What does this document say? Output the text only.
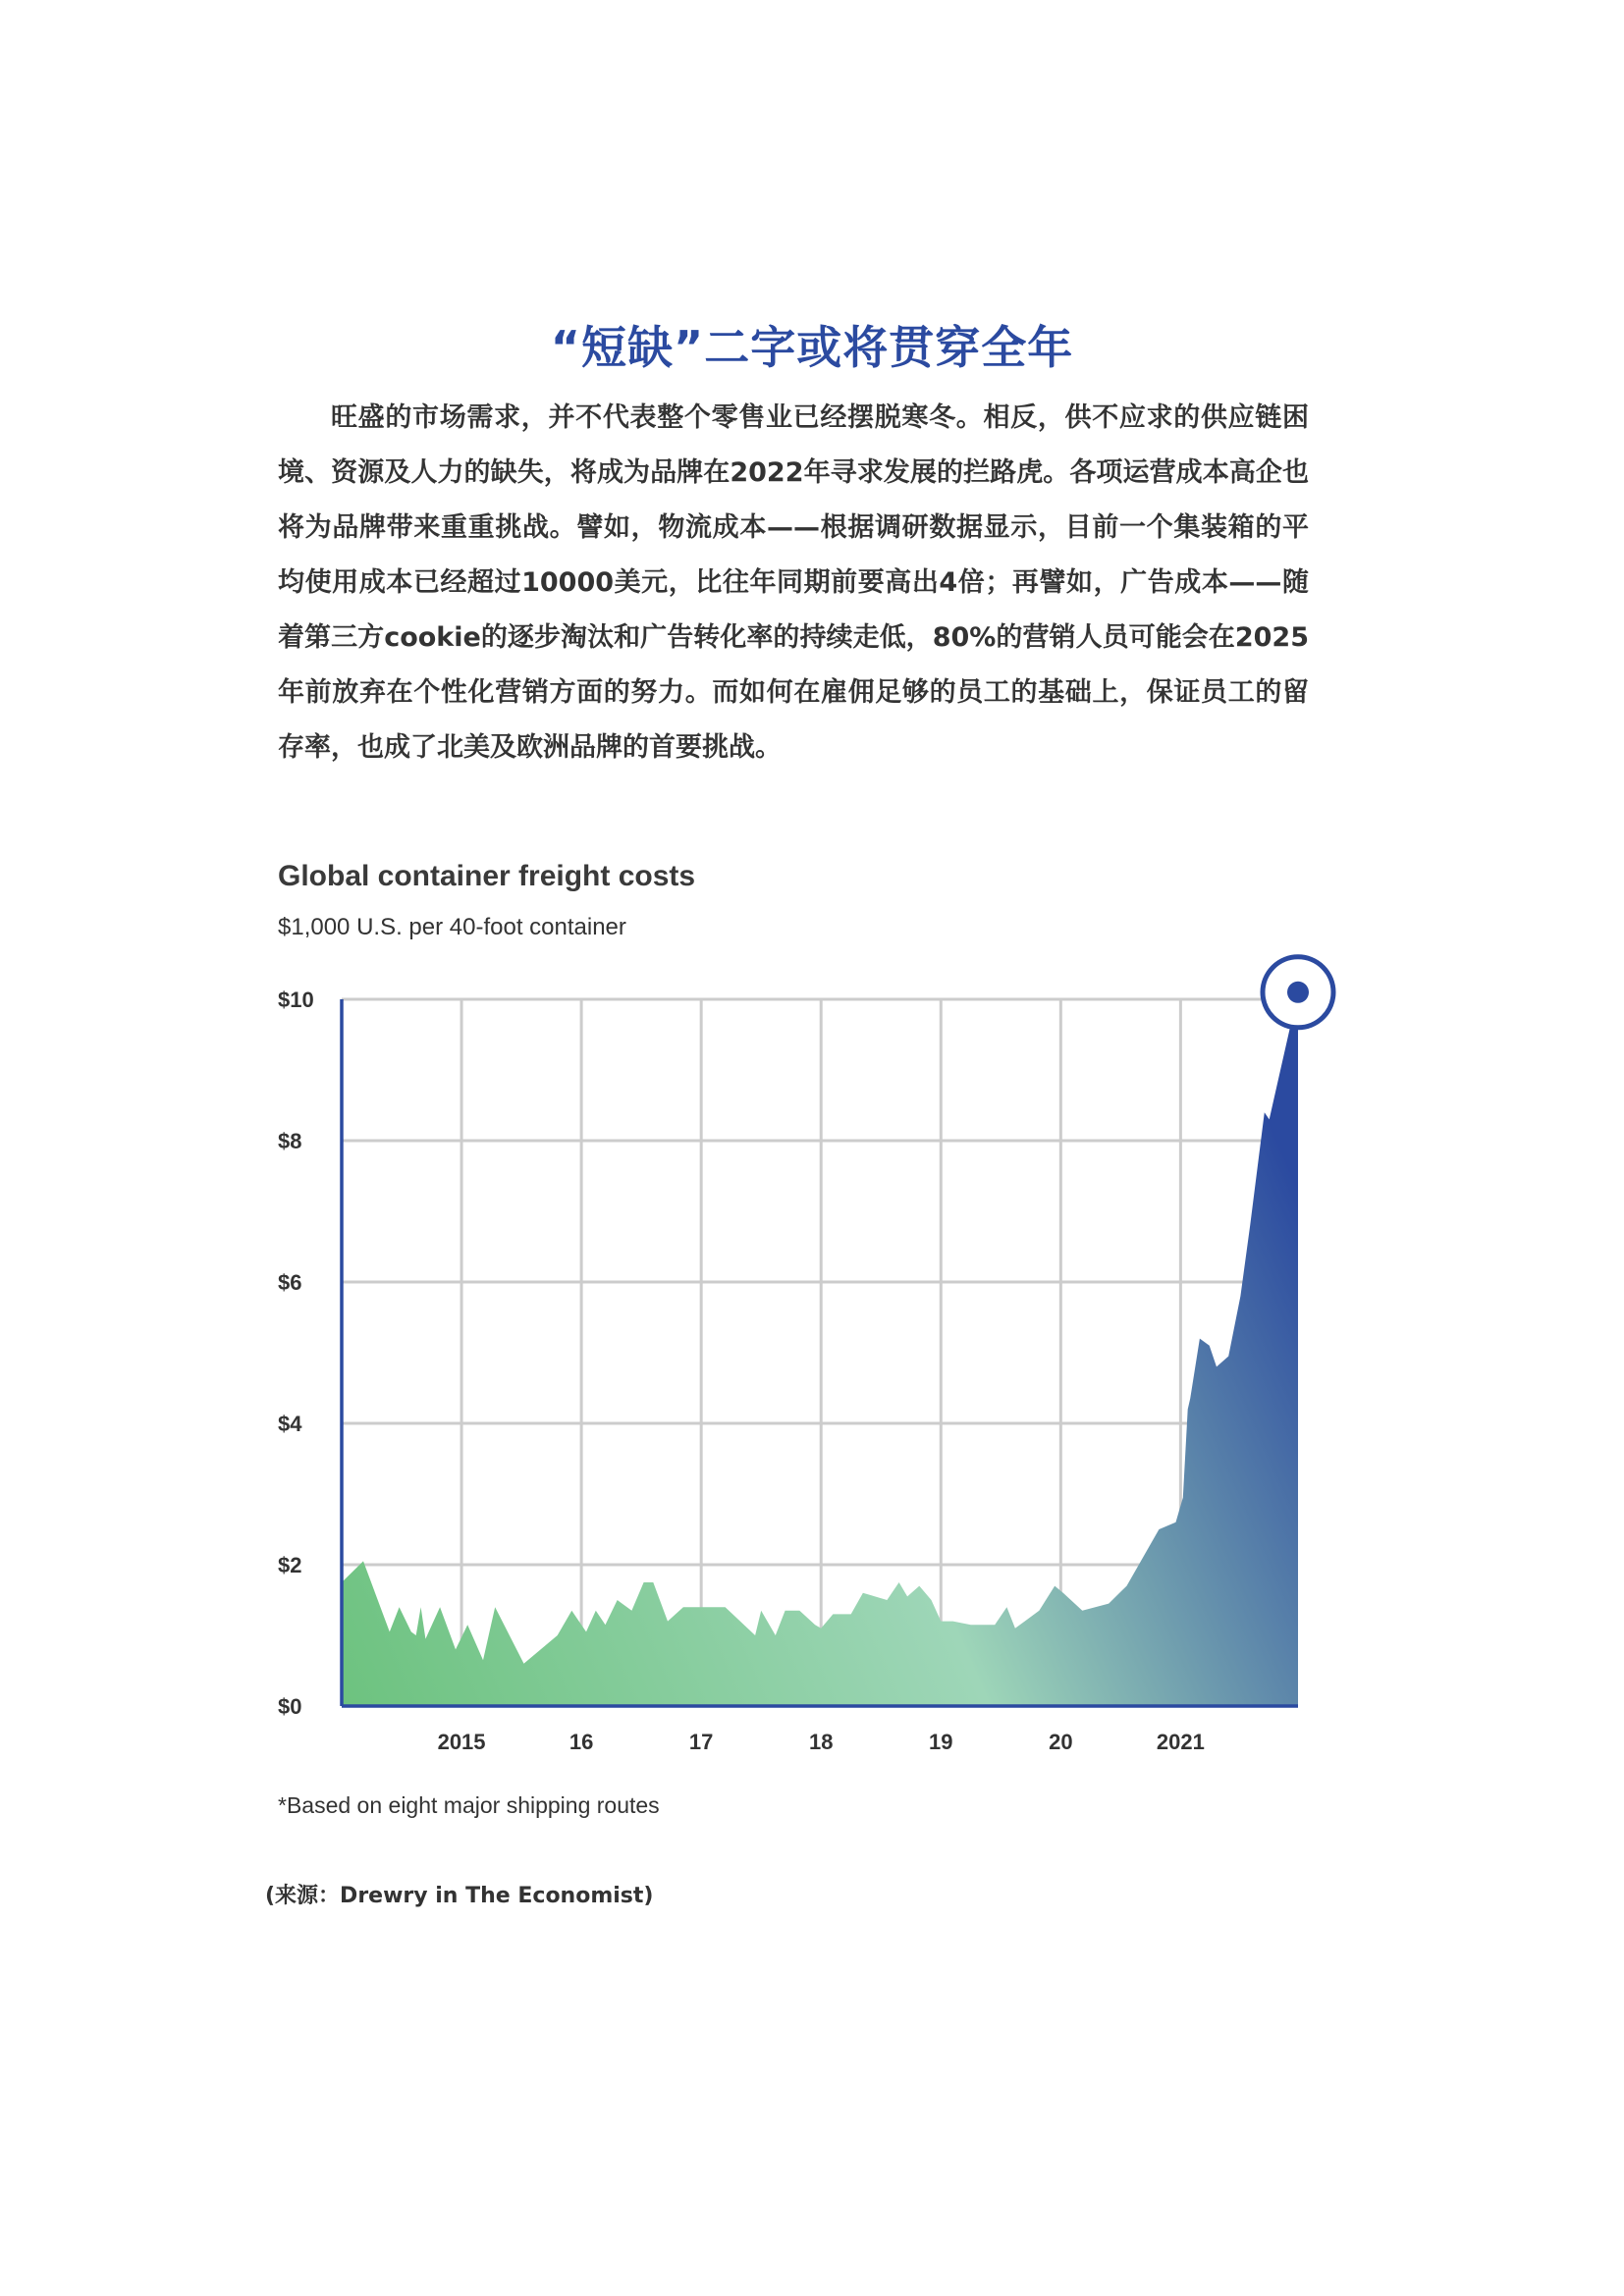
“短缺”二字或将贯穿全年
旺盛的市场需求，并不代表整个零售业已经摆脱寒冬。相反，供不应求的供应链困境、资源及人力的缺失，将成为品牌在2022年寻求发展的拦路虎。各项运营成本高企也将为品牌带来重重挑战。譬如，物流成本——根据调研数据显示，目前一个集装箱的平均使用成本已经超过10000美元，比往年同期前要高出4倍；再譬如，广告成本——随着第三方cookie的逐步淘汰和广告转化率的持续走低，80%的营销人员可能会在2025年前放弃在个性化营销方面的努力。而如何在雇佣足够的员工的基础上，保证员工的留存率，也成了北美及欧洲品牌的首要挑战。
Global container freight costs
$1,000 U.S. per 40-foot container
$0
$2
$4
$6
$8
$10
2015	16	17	18	19	20	2021
*Based on eight major shipping routes
(来源：Drewry in The Economist)
